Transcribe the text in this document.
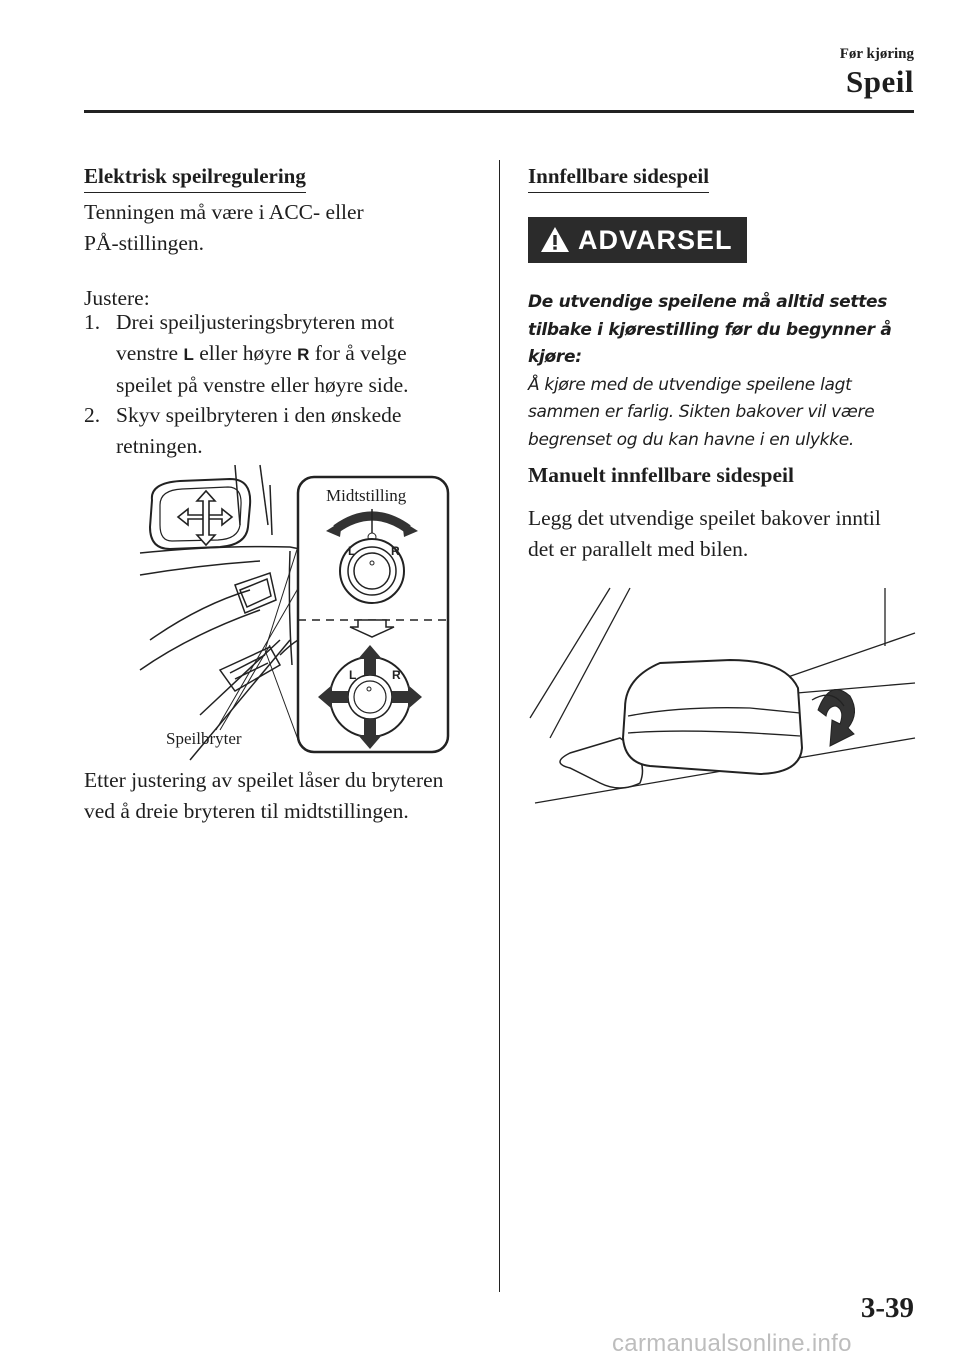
Før kjøring
Speil
Elektrisk speilregulering
Tenningen må være i ACC- eller
PÅ-stillingen.
Justere:
1. Drei speiljusteringsbryteren mot
venstre L eller høyre R for å velge
speilet på venstre eller høyre side.
2. Skyv speilbryteren i den ønskede
retningen.
L	R
L	R
Midtstilling
Speilbryter
Etter justering av speilet låser du bryteren
ved å dreie bryteren til midtstillingen.
Innfellbare sidespeil
ADVARSEL
De utvendige speilene må alltid settes
tilbake i kjørestilling før du begynner å
kjøre:
Å kjøre med de utvendige speilene lagt
sammen er farlig. Sikten bakover vil være
begrenset og du kan havne i en ulykke.
Manuelt innfellbare sidespeil
Legg det utvendige speilet bakover inntil
det er parallelt med bilen.
3-39
carmanualsonline.info
